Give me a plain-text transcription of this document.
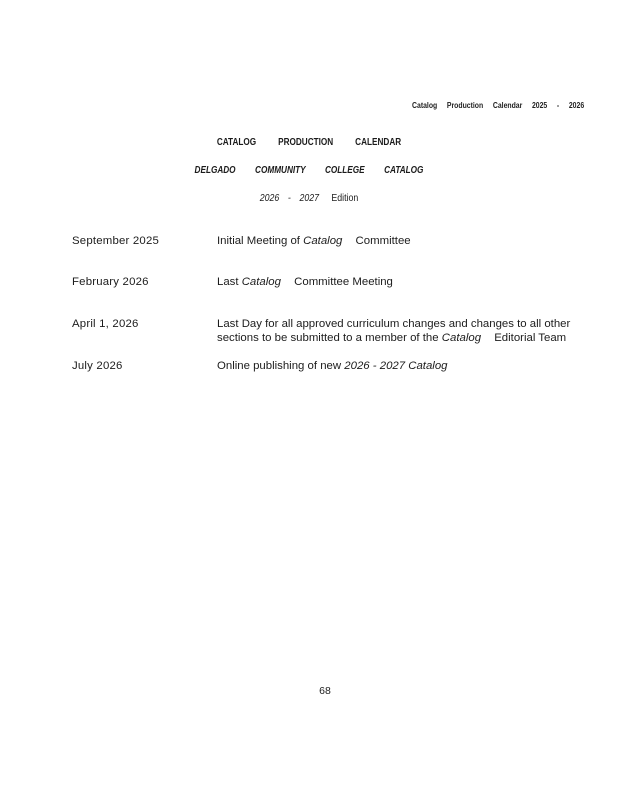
Catalog Production Calendar 2025 - 2026
CATALOG PRODUCTION CALENDAR
DELGADO COMMUNITY COLLEGE CATALOG
2026 - 2027 Edition
September 2025	Initial Meeting of Catalog Committee
February 2026	Last Catalog Committee Meeting
April 1, 2026	Last Day for all approved curriculum changes and changes to all other sections to be submitted to a member of the Catalog Editorial Team
July 2026	Online publishing of new 2026 - 2027 Catalog
68
